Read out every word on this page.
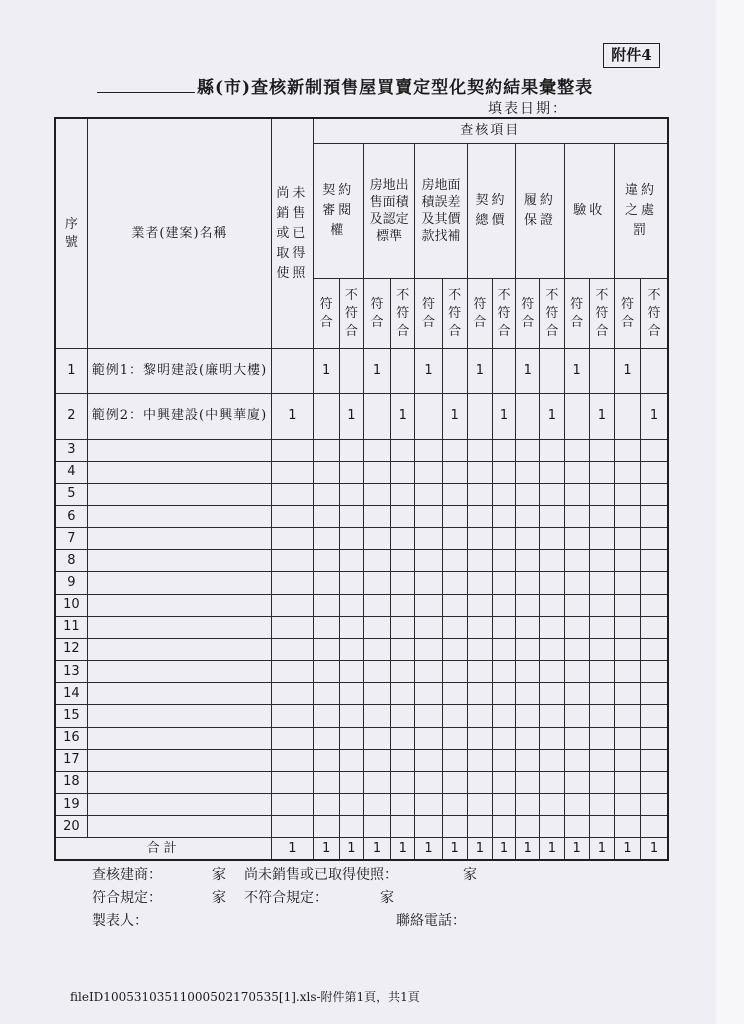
附件4
縣(市)查核新制預售屋買賣定型化契約結果彙整表
填表日期：
序號	業者(建案)名稱	尚未銷售或已取得使照	查核項目													
			契約審閱權		房地出售面積及認定標準		房地面積誤差及其價款找補		契約總價		履約保證		驗收		違約之處罰	
			符合	不符合	符合	不符合	符合	不符合	符合	不符合	符合	不符合	符合	不符合	符合	不符合
1	範例1：黎明建設(廉明大樓)		1		1		1		1		1		1		1	
2	範例2：中興建設(中興華廈)	1		1		1		1		1		1		1		1
3																
4																
5																
6																
7																
8																
9																
10																
11																
12																
13																
14																
15																
16																
17																
18																
19																
20																
合計		1	1	1	1	1	1	1	1	1	1	1	1	1	1	1
查核建商：	家 尚未銷售或已取得使照：	家
符合規定：	家 不符合規定：	家
製表人：	聯絡電話：
fileID1005310351100050217053​5[1].xls-附件第1頁，共1頁
